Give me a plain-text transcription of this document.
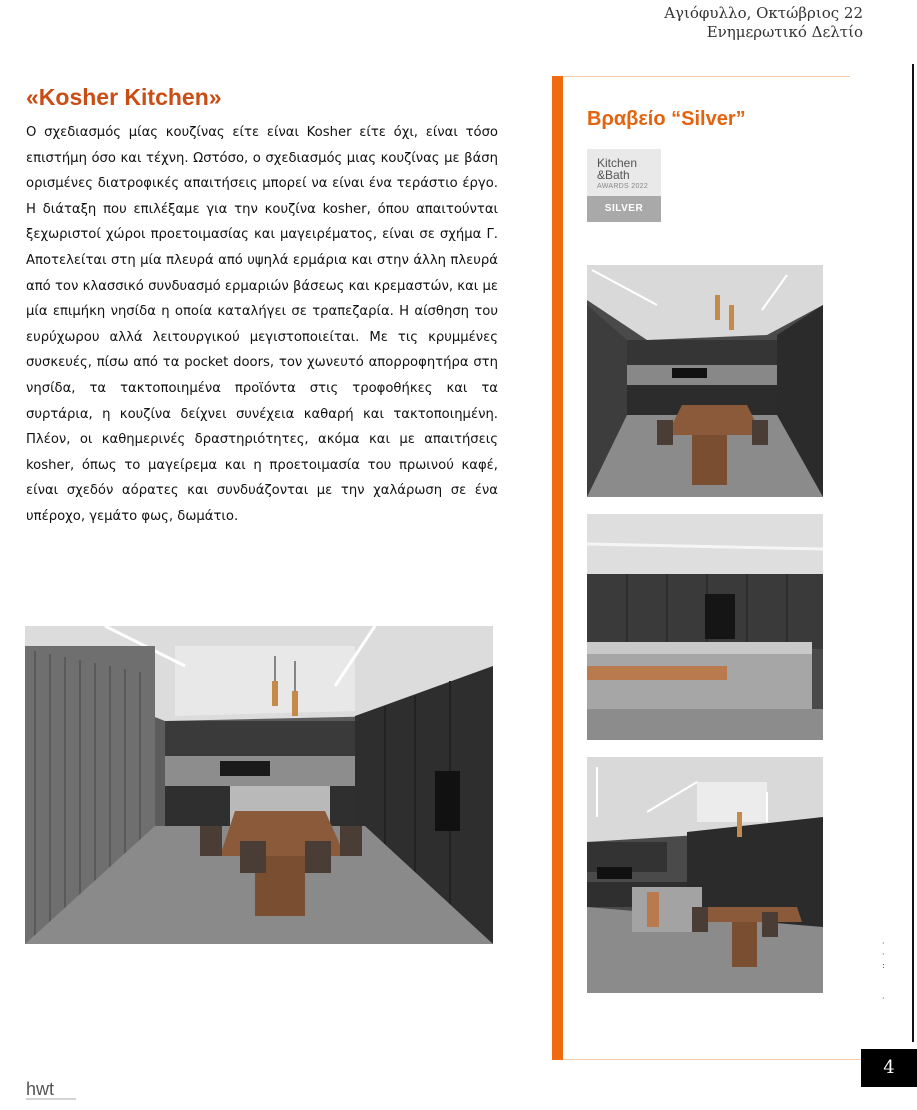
Αγιόφυλλο, Οκτώβριος 22
Ενημερωτικό Δελτίο
«Kosher Kitchen»

Ο σχεδιασμός μίας κουζίνας είτε είναι Kosher είτε όχι, είναι τόσο επιστήμη όσο και τέχνη. Ωστόσο, ο σχεδιασμός μιας κουζίνας με βάση ορισμένες διατροφικές απαιτήσεις μπορεί να είναι ένα τεράστιο έργο. Η διάταξη που επιλέξαμε για την κουζίνα kosher, όπου απαιτούνται ξεχωριστοί χώροι προετοιμασίας και μαγειρέματος, είναι σε σχήμα Γ. Αποτελείται στη μία πλευρά από υψηλά ερμάρια και στην άλλη πλευρά από τον κλασσικό συνδυασμό ερμαριών βάσεως και κρεμαστών, και με μία επιμήκη νησίδα η οποία καταλήγει σε τραπεζαρία. Η αίσθηση του ευρύχωρου αλλά λειτουργικού μεγιστοποιείται. Με τις κρυμμένες συσκευές, πίσω από τα pocket doors, τον χωνευτό απορροφητήρα στη νησίδα, τα τακτοποιημένα προϊόντα στις τροφοθήκες και τα συρτάρια, η κουζίνα δείχνει συνέχεια καθαρή και τακτοποιημένη. Πλέον, οι καθημερινές δραστηριότητες, ακόμα και με απαιτήσεις kosher, όπως το μαγείρεμα και η προετοιμασία του πρωινού καφέ, είναι σχεδόν αόρατες και συνδυάζονται με την χαλάρωση σε ένα υπέροχο, γεμάτο φως, δωμάτιο.

Βραβείο “Silver”
Kitchen
&Bath
AWARDS 2022
SILVER
·
·
:

·
4
hwt
